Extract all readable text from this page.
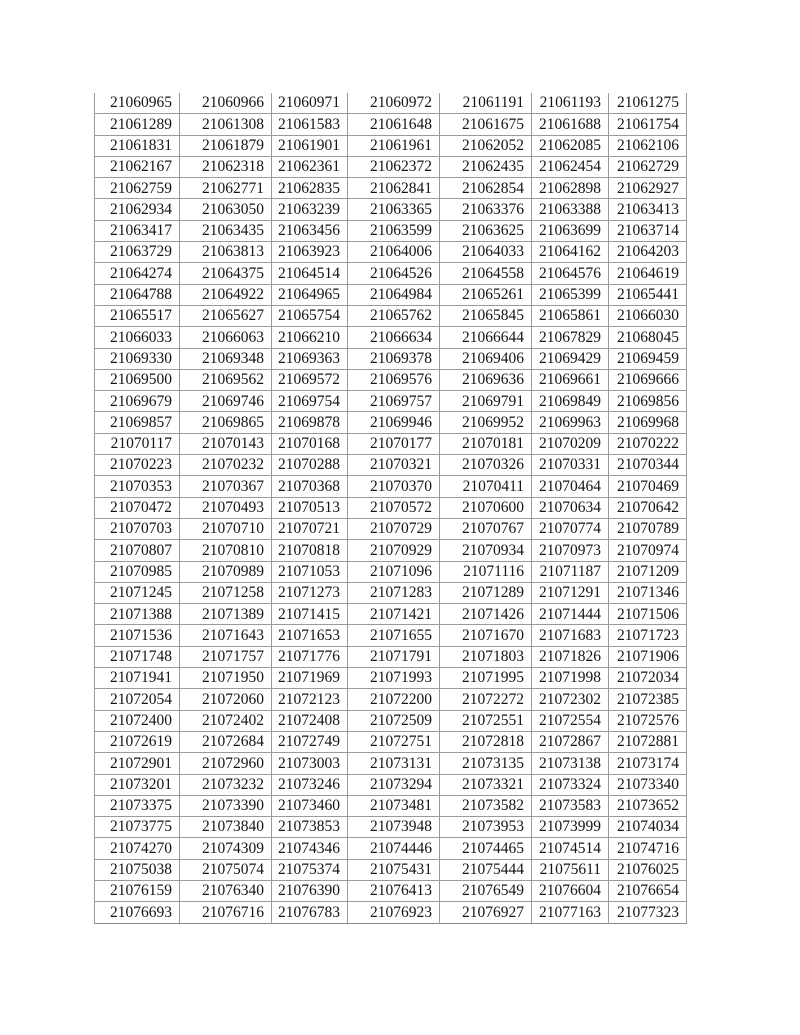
21060965	21060966	21060971	21060972	21061191	21061193	21061275
21061289	21061308	21061583	21061648	21061675	21061688	21061754
21061831	21061879	21061901	21061961	21062052	21062085	21062106
21062167	21062318	21062361	21062372	21062435	21062454	21062729
21062759	21062771	21062835	21062841	21062854	21062898	21062927
21062934	21063050	21063239	21063365	21063376	21063388	21063413
21063417	21063435	21063456	21063599	21063625	21063699	21063714
21063729	21063813	21063923	21064006	21064033	21064162	21064203
21064274	21064375	21064514	21064526	21064558	21064576	21064619
21064788	21064922	21064965	21064984	21065261	21065399	21065441
21065517	21065627	21065754	21065762	21065845	21065861	21066030
21066033	21066063	21066210	21066634	21066644	21067829	21068045
21069330	21069348	21069363	21069378	21069406	21069429	21069459
21069500	21069562	21069572	21069576	21069636	21069661	21069666
21069679	21069746	21069754	21069757	21069791	21069849	21069856
21069857	21069865	21069878	21069946	21069952	21069963	21069968
21070117	21070143	21070168	21070177	21070181	21070209	21070222
21070223	21070232	21070288	21070321	21070326	21070331	21070344
21070353	21070367	21070368	21070370	21070411	21070464	21070469
21070472	21070493	21070513	21070572	21070600	21070634	21070642
21070703	21070710	21070721	21070729	21070767	21070774	21070789
21070807	21070810	21070818	21070929	21070934	21070973	21070974
21070985	21070989	21071053	21071096	21071116	21071187	21071209
21071245	21071258	21071273	21071283	21071289	21071291	21071346
21071388	21071389	21071415	21071421	21071426	21071444	21071506
21071536	21071643	21071653	21071655	21071670	21071683	21071723
21071748	21071757	21071776	21071791	21071803	21071826	21071906
21071941	21071950	21071969	21071993	21071995	21071998	21072034
21072054	21072060	21072123	21072200	21072272	21072302	21072385
21072400	21072402	21072408	21072509	21072551	21072554	21072576
21072619	21072684	21072749	21072751	21072818	21072867	21072881
21072901	21072960	21073003	21073131	21073135	21073138	21073174
21073201	21073232	21073246	21073294	21073321	21073324	21073340
21073375	21073390	21073460	21073481	21073582	21073583	21073652
21073775	21073840	21073853	21073948	21073953	21073999	21074034
21074270	21074309	21074346	21074446	21074465	21074514	21074716
21075038	21075074	21075374	21075431	21075444	21075611	21076025
21076159	21076340	21076390	21076413	21076549	21076604	21076654
21076693	21076716	21076783	21076923	21076927	21077163	21077323
